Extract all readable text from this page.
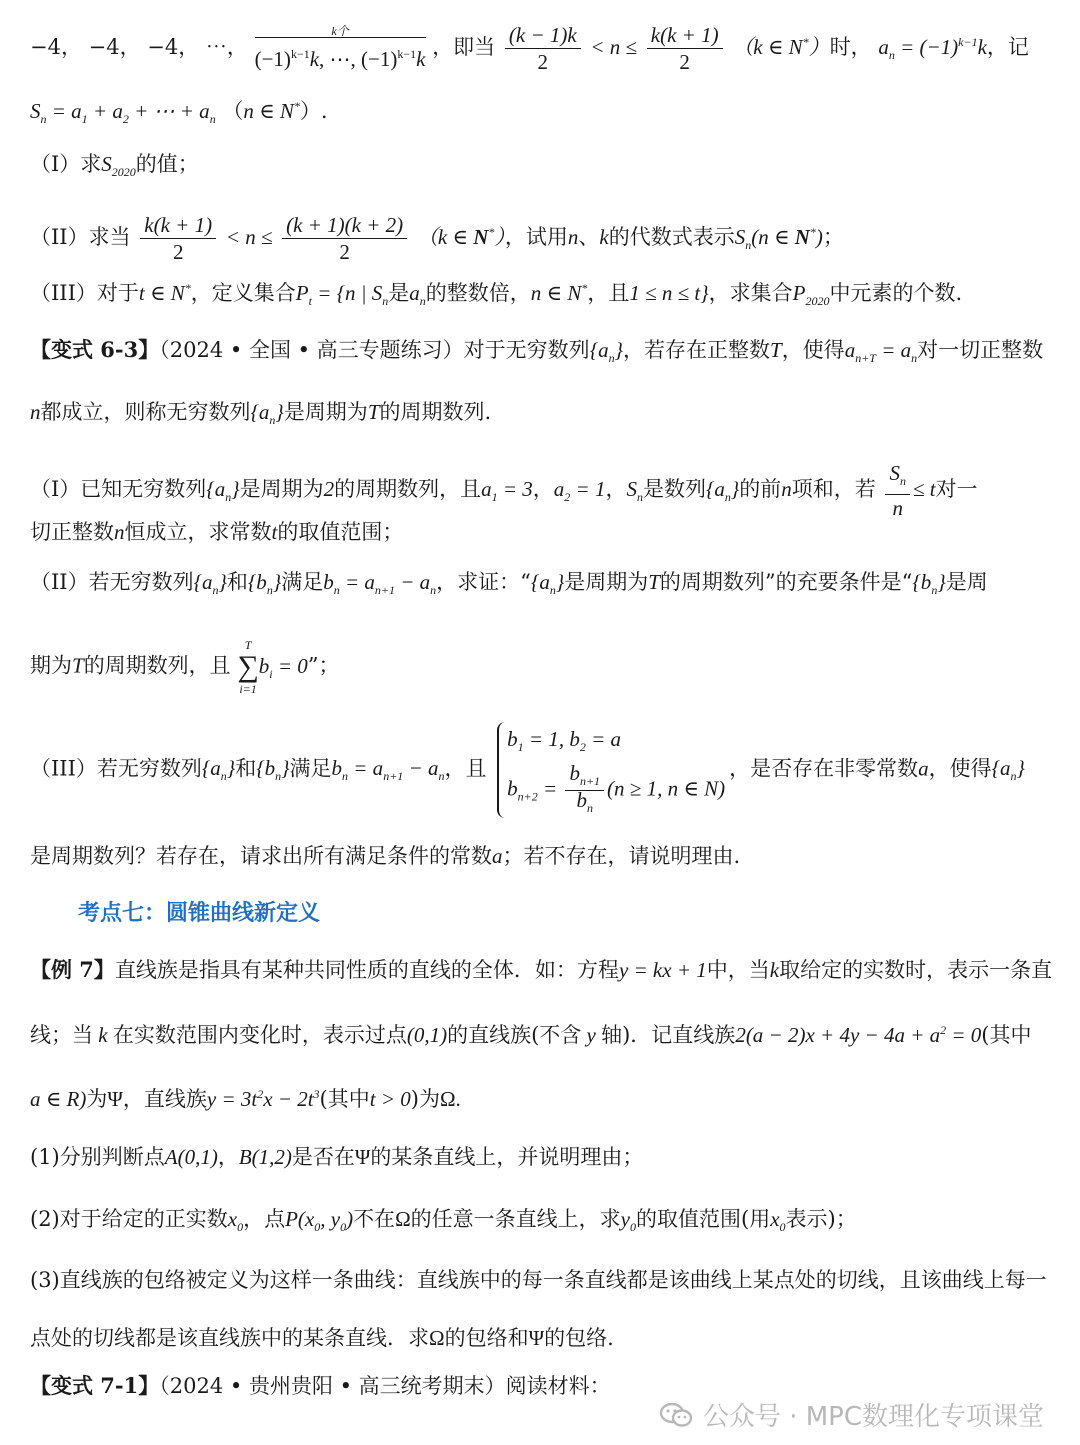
−4， −4， −4， ⋯，
k个
$(-1)^{k-1}k$, ⋯, $(-1)^{k-1}k$ ，即当 $\frac{(k - 1)k}{2} < n \le \frac{k(k + 1)}{2} (k$ ∈ N*）时， $a_n = (-1)^{k-1}k$，记
$S_n = a_1 + a_2$ + ⋯ + $a_n$ （n ∈ N*）.
（I）求$S_{2020}$的值；
（II）求当 $\frac{k(k + 1)}{2} < n \le \frac{(k + 1)(k + 2)}{2} (k$ ∈ N*），试用n、k的代数式表示$S_n(n$ ∈ N*)；
（III）对于t ∈ N*，定义集合$P_t = \{n$ | $S_n$是$a_n$的整数倍，n ∈ N*，且1 ≤ n ≤ t}，求集合$P_{2020}$中元素的个数.
【变式 6-3】（2024 • 全国 • 高三专题练习）对于无穷数列$\{a_n\}$，若存在正整数T，使得$a_{n+T} = a_n$对一切正整数
n都成立，则称无穷数列$\{a_n\}$是周期为T的周期数列.
（I）已知无穷数列$\{a_n\}$是周期为2的周期数列，且$a_1 = 3$，$a_2 = 1$，$S_n$是数列$\{a_n\}$的前n项和，若 $\frac{S_n}{n} \le t$对一
切正整数n恒成立，求常数t的取值范围；
（II）若无穷数列$\{a_n\}$和$\{b_n\}$满足$b_n = a_{n+1} - a_n$，求证：“$\{a_n\}$是周期为T的周期数列”的充要条件是“$\{b_n\}$是周
期为T的周期数列，且
T
∑
i=1
$b_i = 0$”；
（III）若无穷数列$\{a_n\}$和$\{b_n\}$满足$b_n = a_{n+1} - a_n$，且
$b_1 = 1$, $b_2 = a$
$b_{n+2} = \frac{b_{n+1}}{b_n} (n \ge 1$, n ∈ N)
，是否存在非零常数a，使得$\{a_n\}$
是周期数列？若存在，请求出所有满足条件的常数a；若不存在，请说明理由.
考点七：圆锥曲线新定义
【例 7】直线族是指具有某种共同性质的直线的全体．如：方程y = kx + 1中，当k取给定的实数时，表示一条直
线；当 k 在实数范围内变化时，表示过点(0,1)的直线族(不含 y 轴)．记直线族$2(a - 2)x + 4y - 4a + a^2 = 0$(其中
a ∈ R)为Ψ，直线族$y = 3t^2x - 2t^3$(其中t > 0)为Ω.
(1)分别判断点A(0,1)，B(1,2)是否在Ψ的某条直线上，并说明理由；
(2)对于给定的正实数$x_0$，点$P(x_0$, $y_0$)不在Ω的任意一条直线上，求$y_0$的取值范围(用$x_0$表示)；
(3)直线族的包络被定义为这样一条曲线：直线族中的每一条直线都是该曲线上某点处的切线，且该曲线上每一
点处的切线都是该直线族中的某条直线．求Ω的包络和Ψ的包络.
【变式 7-1】（2024 • 贵州贵阳 • 高三统考期末）阅读材料：
公众号 · MPC数理化专项课堂
